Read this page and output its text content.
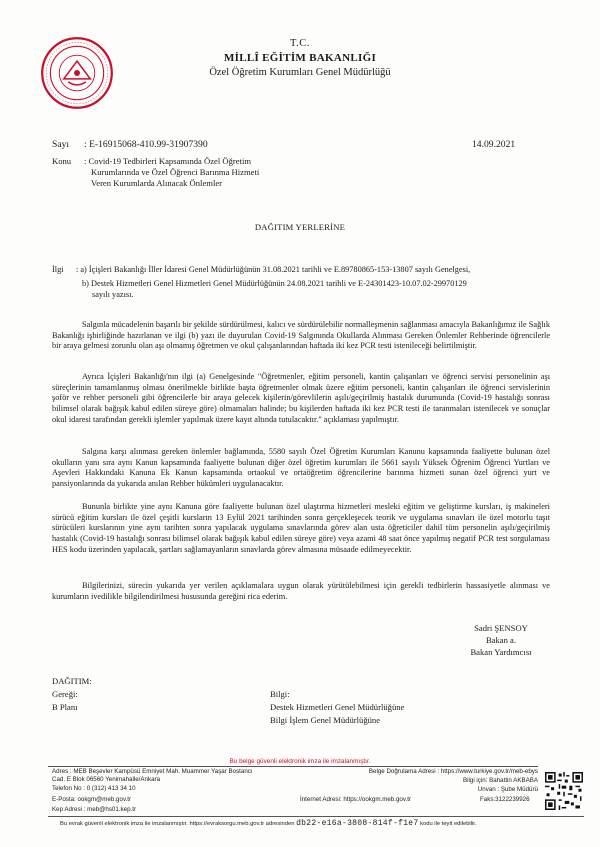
T.C.
MİLLÎ EĞİTİM BAKANLIĞI
Özel Öğretim Kurumları Genel Müdürlüğü
Sayı : E-16915068-410.99-31907390	14.09.2021
Konu : Covid-19 Tedbirleri Kapsamında Özel Öğretim
Kurumlarında ve Özel Öğrenci Barınma Hizmeti
Veren Kurumlarda Alınacak Önlemler
DAĞITIM YERLERİNE
İlgi : a) İçişleri Bakanlığı İller İdaresi Genel Müdürlüğünün 31.08.2021 tarihli ve E.89780865-153-13807 sayılı Genelgesi,
b) Destek Hizmetleri Genel Hizmetleri Genel Müdürlüğünün 24.08.2021 tarihli ve E-24301423-10.07.02-29970129
sayılı yazısı.
Salgınla mücadelenin başarılı bir şekilde sürdürülmesi, kalıcı ve sürdürülebilir normalleşmenin sağlanması amacıyla Bakanlığımız ile Sağlık Bakanlığı işbirliğinde hazırlanan ve ilgi (b) yazı ile duyurulan Covid-19 Salgınında Okullarda Alınması Gereken Önlemler Rehberinde öğrencilerle bir araya gelmesi zorunlu olan aşı olmamış öğretmen ve okul çalışanlarından haftada iki kez PCR testi istenileceği belirtilmiştir.
Ayrıca İçişleri Bakanlığı'nın ilgi (a) Genelgesinde "Öğretmenler, eğitim personeli, kantin çalışanları ve öğrenci servisi personelinin aşı süreçlerinin tamamlanmış olması önerilmekle birlikte başta öğretmenler olmak üzere eğitim personeli, kantin çalışanları ile öğrenci servislerinin şoför ve rehber personeli gibi öğrencilerle bir araya gelecek kişilerin/görevlilerin aşılı/geçirilmiş hastalık durumunda (Covid-19 hastalığı sonrası bilimsel olarak bağışık kabul edilen süreye göre) olmamaları halinde; bu kişilerden haftada iki kez PCR testi ile taranmaları istenilecek ve sonuçlar okul idaresi tarafından gerekli işlemler yapılmak üzere kayıt altında tutulacaktır." açıklaması yapılmıştır.
Salgına karşı alınması gereken önlemler bağlamında, 5580 sayılı Özel Öğretim Kurumları Kanunu kapsamında faaliyette bulunan özel okulların yanı sıra aynı Kanun kapsamında faaliyette bulunan diğer özel öğretim kurumları ile 5661 sayılı Yüksek Öğrenim Öğrenci Yurtları ve Aşevleri Hakkındaki Kanuna Ek Kanun kapsamında ortaokul ve ortaöğretim öğrencilerine barınma hizmeti sunan özel öğrenci yurt ve pansiyonlarında da yukarıda anılan Rehber hükümleri uygulanacaktır.
Bununla birlikte yine aynı Kanuna göre faaliyette bulunan özel ulaştırma hizmetleri mesleki eğitim ve geliştirme kursları, iş makineleri sürücü eğitim kursları ile özel çeşitli kursların 13 Eylül 2021 tarihinden sonra gerçekleşecek teorik ve uygulama sınavları ile özel motorlu taşıt sürücüleri kurslarının yine aynı tarihten sonra yapılacak uygulama sınavlarında görev alan usta öğreticiler dahil tüm personelin aşılı/geçirilmiş hastalık (Covid-19 hastalığı sonrası bilimsel olarak bağışık kabul edilen süreye göre) veya azami 48 saat önce yapılmış negatif PCR test sorgulaması HES kodu üzerinden yapılacak, şartları sağlamayanların sınavlarda görev almasına müsaade edilmeyecektir.
Bilgilerinizi, sürecin yukarıda yer verilen açıklamalara uygun olarak yürütülebilmesi için gerekli tedbirlerin hassasiyetle alınması ve kurumların ivedilikle bilgilendirilmesi hususunda gereğini rica ederim.
Sadri ŞENSOY
Bakan a.
Bakan Yardımcısı
DAĞITIM:
Gereği:
B Planı
Bilgi:
Destek Hizmetleri Genel Müdürlüğüne
Bilgi İşlem Genel Müdürlüğüne
Bu belge güvenli elektronik imza ile imzalanmıştır.
Adres : MEB Beşevler Kampüsü Emniyet Mah. Muammer Yaşar Bostancı
Cad. E Blok 06560 Yenimahalle/Ankara
Telefon No : 0 (312) 413 34 10
E-Posta: ookgm@meb.gov.tr
Kep Adresi : meb@hs01.kep.tr
Belge Doğrulama Adresi : https://www.turkiye.gov.tr/meb-ebys
Bilgi için: Bahattin AKBABA
Unvan : Şube Müdürü
İnternet Adresi: https://ookgm.meb.gov.tr	Faks:3122239926
Bu evrak güvenli elektronik imza ile imzalanmıştır. https://evraksorgu.meb.gov.tr adresinden db22-e16a-3808-814f-f1e7 kodu ile teyit edilebilir.
